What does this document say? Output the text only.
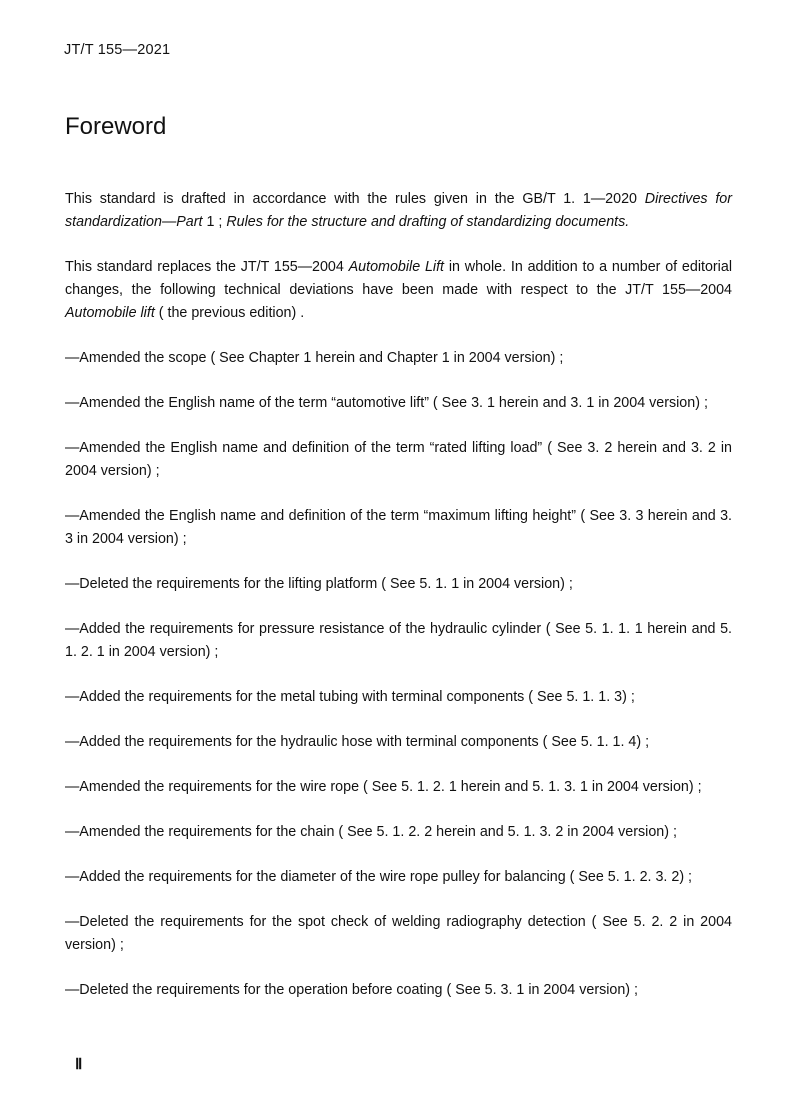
JT/T 155—2021
Foreword

This standard is drafted in accordance with the rules given in the GB/T 1. 1—2020 Directives for standardization—Part 1 ; Rules for the structure and drafting of standardizing documents.

This standard replaces the JT/T 155—2004 Automobile Lift in whole. In addition to a number of editorial changes, the following technical deviations have been made with respect to the JT/T 155—2004 Automobile lift ( the previous edition) .

—Amended the scope ( See Chapter 1 herein and Chapter 1 in 2004 version) ;

—Amended the English name of the term “automotive lift” ( See 3. 1 herein and 3. 1 in 2004 version) ;

—Amended the English name and definition of the term “rated lifting load” ( See 3. 2 herein and 3. 2 in 2004 version) ;

—Amended the English name and definition of the term “maximum lifting height” ( See 3. 3 herein and 3. 3 in 2004 version) ;

—Deleted the requirements for the lifting platform ( See 5. 1. 1 in 2004 version) ;

—Added the requirements for pressure resistance of the hydraulic cylinder ( See 5. 1. 1. 1 herein and 5. 1. 2. 1 in 2004 version) ;

—Added the requirements for the metal tubing with terminal components ( See 5. 1. 1. 3) ;

—Added the requirements for the hydraulic hose with terminal components ( See 5. 1. 1. 4) ;

—Amended the requirements for the wire rope ( See 5. 1. 2. 1 herein and 5. 1. 3. 1 in 2004 version) ;

—Amended the requirements for the chain ( See 5. 1. 2. 2 herein and 5. 1. 3. 2 in 2004 version) ;

—Added the requirements for the diameter of the wire rope pulley for balancing ( See 5. 1. 2. 3. 2) ;

—Deleted the requirements for the spot check of welding radiography detection ( See 5. 2. 2 in 2004 version) ;

—Deleted the requirements for the operation before coating ( See 5. 3. 1 in 2004 version) ;

Ⅱ
